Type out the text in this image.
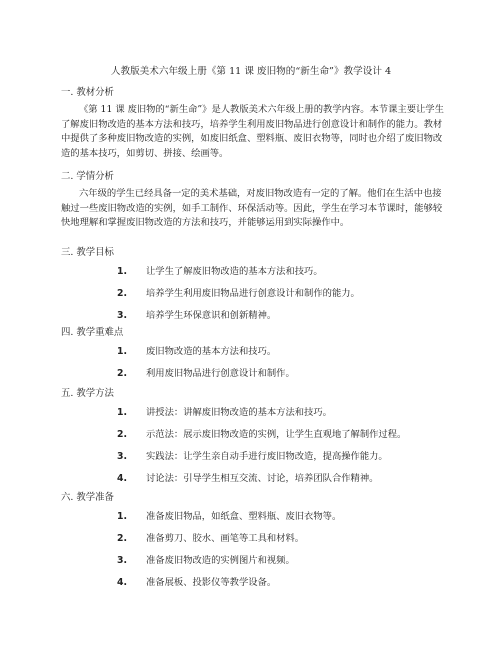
人教版美术六年级上册《第 11 课 废旧物的“新生命”》教学设计 4
一. 教材分析
《第 11 课 废旧物的“新生命”》是人教版美术六年级上册的教学内容。本节课主要让学生了解废旧物改造的基本方法和技巧，培养学生利用废旧物品进行创意设计和制作的能力。教材中提供了多种废旧物改造的实例，如废旧纸盒、塑料瓶、废旧衣物等，同时也介绍了废旧物改造的基本技巧，如剪切、拼接、绘画等。
二. 学情分析
六年级的学生已经具备一定的美术基础，对废旧物改造有一定的了解。他们在生活中也接触过一些废旧物改造的实例，如手工制作、环保活动等。因此，学生在学习本节课时，能够较快地理解和掌握废旧物改造的方法和技巧，并能够运用到实际操作中。
三. 教学目标
1. 让学生了解废旧物改造的基本方法和技巧。
2. 培养学生利用废旧物品进行创意设计和制作的能力。
3. 培养学生环保意识和创新精神。
四. 教学重难点
1. 废旧物改造的基本方法和技巧。
2. 利用废旧物品进行创意设计和制作。
五. 教学方法
1. 讲授法：讲解废旧物改造的基本方法和技巧。
2. 示范法：展示废旧物改造的实例，让学生直观地了解制作过程。
3. 实践法：让学生亲自动手进行废旧物改造，提高操作能力。
4. 讨论法：引导学生相互交流、讨论，培养团队合作精神。
六. 教学准备
1. 准备废旧物品，如纸盒、塑料瓶、废旧衣物等。
2. 准备剪刀、胶水、画笔等工具和材料。
3. 准备废旧物改造的实例图片和视频。
4. 准备展板、投影仪等教学设备。
